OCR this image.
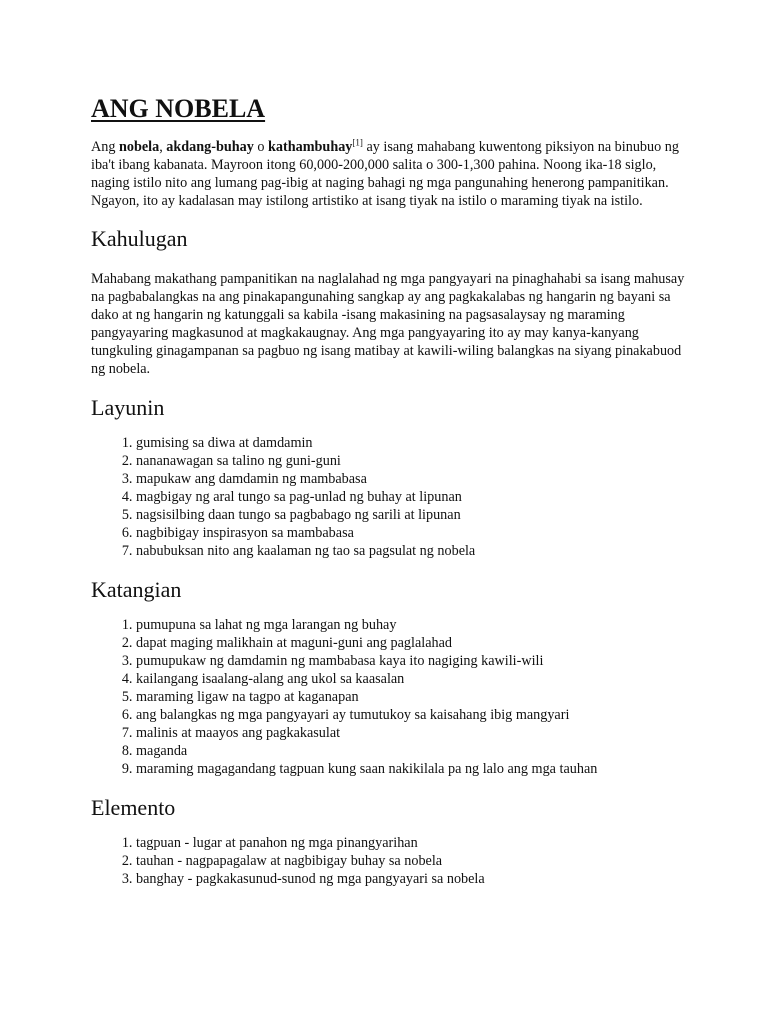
ANG NOBELA

Ang nobela, akdang-buhay o kathambuhay[1] ay isang mahabang kuwentong piksiyon na binubuo ng iba't ibang kabanata. Mayroon itong 60,000-200,000 salita o 300-1,300 pahina. Noong ika-18 siglo, naging istilo nito ang lumang pag-ibig at naging bahagi ng mga pangunahing henerong pampanitikan. Ngayon, ito ay kadalasan may istilong artistiko at isang tiyak na istilo o maraming tiyak na istilo.

Kahulugan

Mahabang makathang pampanitikan na naglalahad ng mga pangyayari na pinaghahabi sa isang mahusay na pagbabalangkas na ang pinakapangunahing sangkap ay ang pagkakalabas ng hangarin ng bayani sa dako at ng hangarin ng katunggali sa kabila -isang makasining na pagsasalaysay ng maraming pangyayaring magkasunod at magkakaugnay. Ang mga pangyayaring ito ay may kanya-kanyang tungkuling ginagampanan sa pagbuo ng isang matibay at kawili-wiling balangkas na siyang pinakabuod ng nobela.

Layunin
1. gumising sa diwa at damdamin
2. nananawagan sa talino ng guni-guni
3. mapukaw ang damdamin ng mambabasa
4. magbigay ng aral tungo sa pag-unlad ng buhay at lipunan
5. nagsisilbing daan tungo sa pagbabago ng sarili at lipunan
6. nagbibigay inspirasyon sa mambabasa
7. nabubuksan nito ang kaalaman ng tao sa pagsulat ng nobela
Katangian
1. pumupuna sa lahat ng mga larangan ng buhay
2. dapat maging malikhain at maguni-guni ang paglalahad
3. pumupukaw ng damdamin ng mambabasa kaya ito nagiging kawili-wili
4. kailangang isaalang-alang ang ukol sa kaasalan
5. maraming ligaw na tagpo at kaganapan
6. ang balangkas ng mga pangyayari ay tumutukoy sa kaisahang ibig mangyari
7. malinis at maayos ang pagkakasulat
8. maganda
9. maraming magagandang tagpuan kung saan nakikilala pa ng lalo ang mga tauhan
Elemento
1. tagpuan - lugar at panahon ng mga pinangyarihan
2. tauhan - nagpapagalaw at nagbibigay buhay sa nobela
3. banghay - pagkakasunud-sunod ng mga pangyayari sa nobela
